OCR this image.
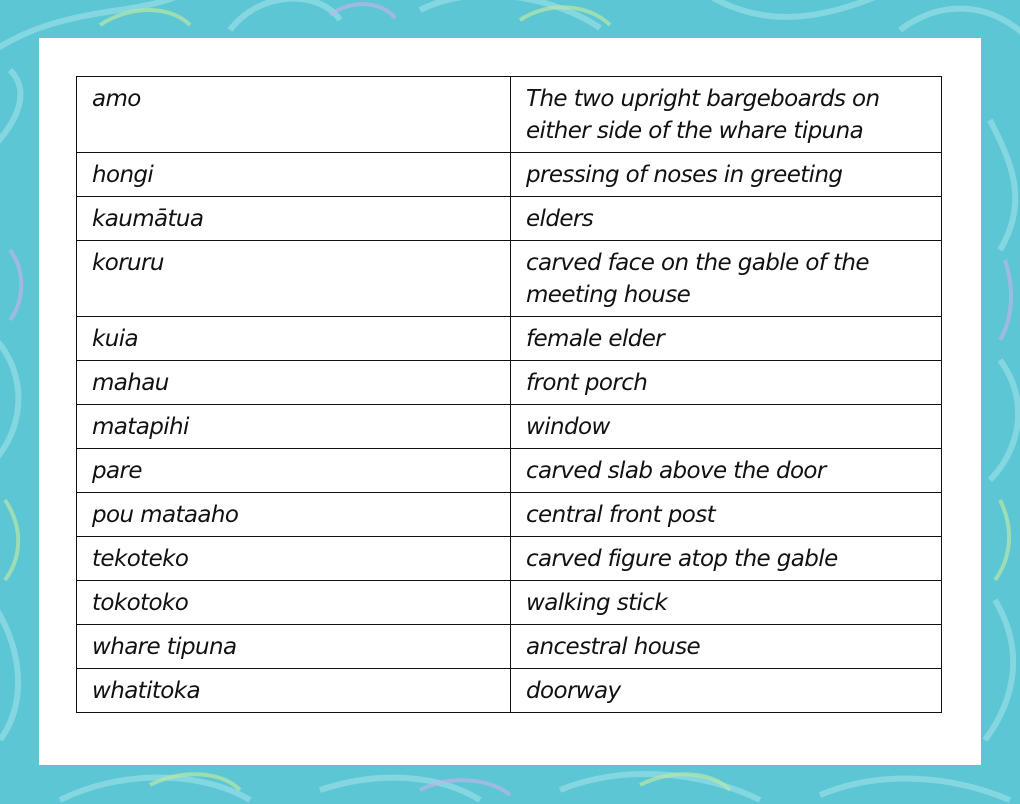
amo	The two upright bargeboards on either side of the whare tipuna
hongi	pressing of noses in greeting
kaumātua	elders
koruru	carved face on the gable of the meeting house
kuia	female elder
mahau	front porch
matapihi	window
pare	carved slab above the door
pou mataaho	central front post
tekoteko	carved figure atop the gable
tokotoko	walking stick
whare tipuna	ancestral house
whatitoka	doorway
